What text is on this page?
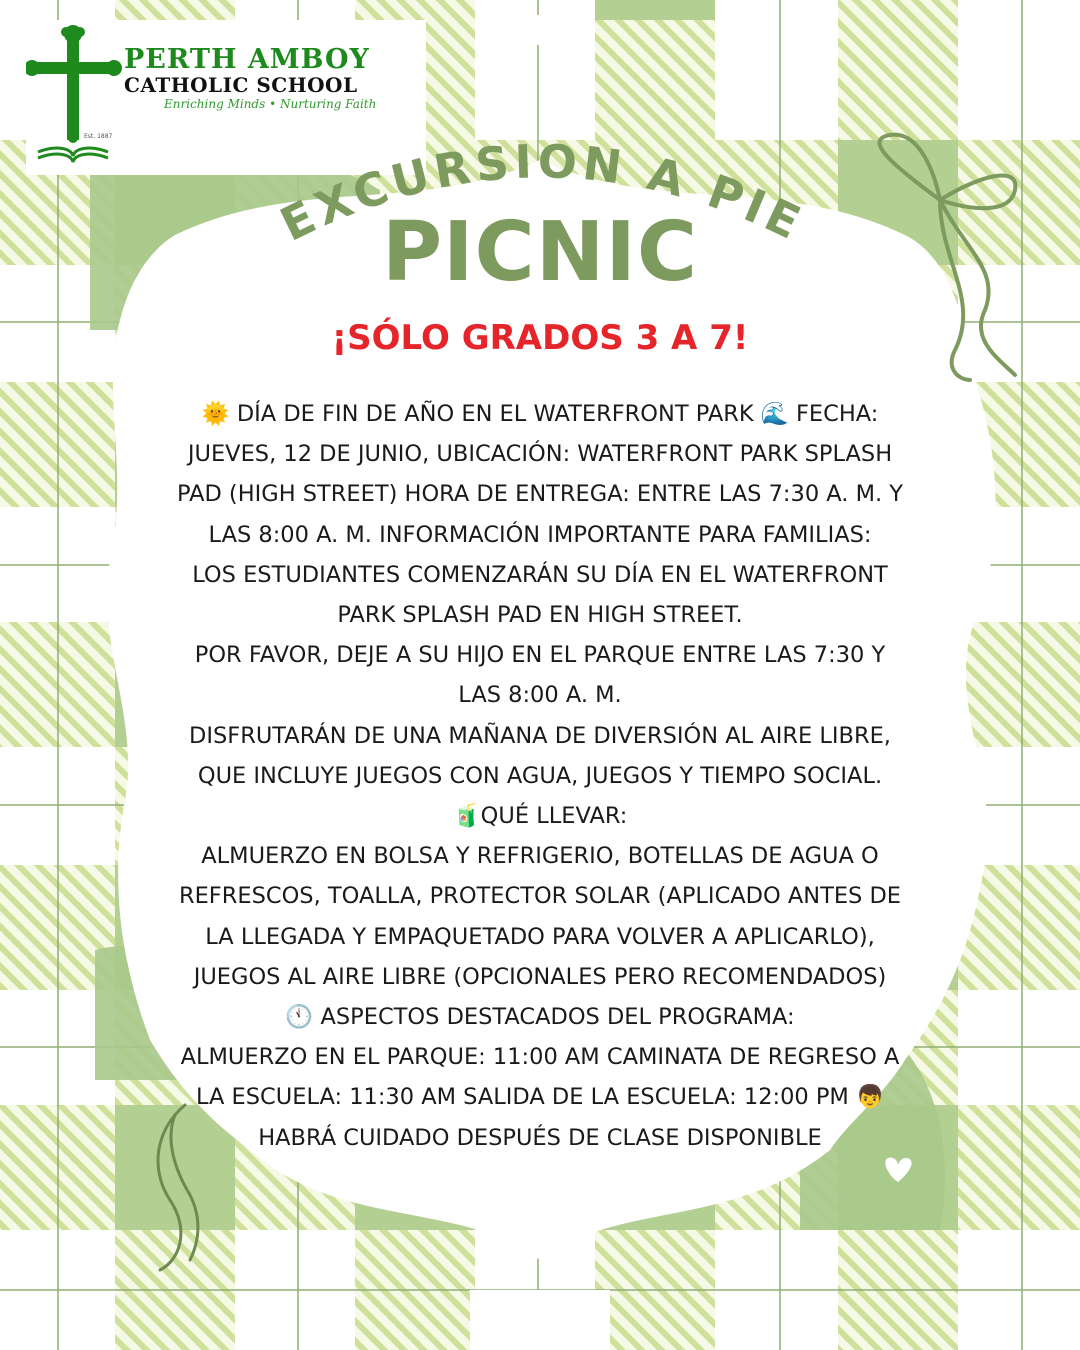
Est. 1887
PERTH AMBOY
CATHOLIC SCHOOL
Enriching Minds • Nurturing Faith
EXCURSION A PIE
PICNIC
¡SÓLO GRADOS 3 A 7!
🌞 DÍA DE FIN DE AÑO EN EL WATERFRONT PARK 🌊 FECHA:
JUEVES, 12 DE JUNIO, UBICACIÓN: WATERFRONT PARK SPLASH
PAD (HIGH STREET) HORA DE ENTREGA: ENTRE LAS 7:30 A. M. Y
LAS 8:00 A. M. INFORMACIÓN IMPORTANTE PARA FAMILIAS:
LOS ESTUDIANTES COMENZARÁN SU DÍA EN EL WATERFRONT
PARK SPLASH PAD EN HIGH STREET.
POR FAVOR, DEJE A SU HIJO EN EL PARQUE ENTRE LAS 7:30 Y
LAS 8:00 A. M.
DISFRUTARÁN DE UNA MAÑANA DE DIVERSIÓN AL AIRE LIBRE,
QUE INCLUYE JUEGOS CON AGUA, JUEGOS Y TIEMPO SOCIAL.
🧃QUÉ LLEVAR:
ALMUERZO EN BOLSA Y REFRIGERIO, BOTELLAS DE AGUA O
REFRESCOS, TOALLA, PROTECTOR SOLAR (APLICADO ANTES DE
LA LLEGADA Y EMPAQUETADO PARA VOLVER A APLICARLO),
JUEGOS AL AIRE LIBRE (OPCIONALES PERO RECOMENDADOS)
🕚 ASPECTOS DESTACADOS DEL PROGRAMA:
ALMUERZO EN EL PARQUE: 11:00 AM CAMINATA DE REGRESO A
LA ESCUELA: 11:30 AM SALIDA DE LA ESCUELA: 12:00 PM 👦
HABRÁ CUIDADO DESPUÉS DE CLASE DISPONIBLE
